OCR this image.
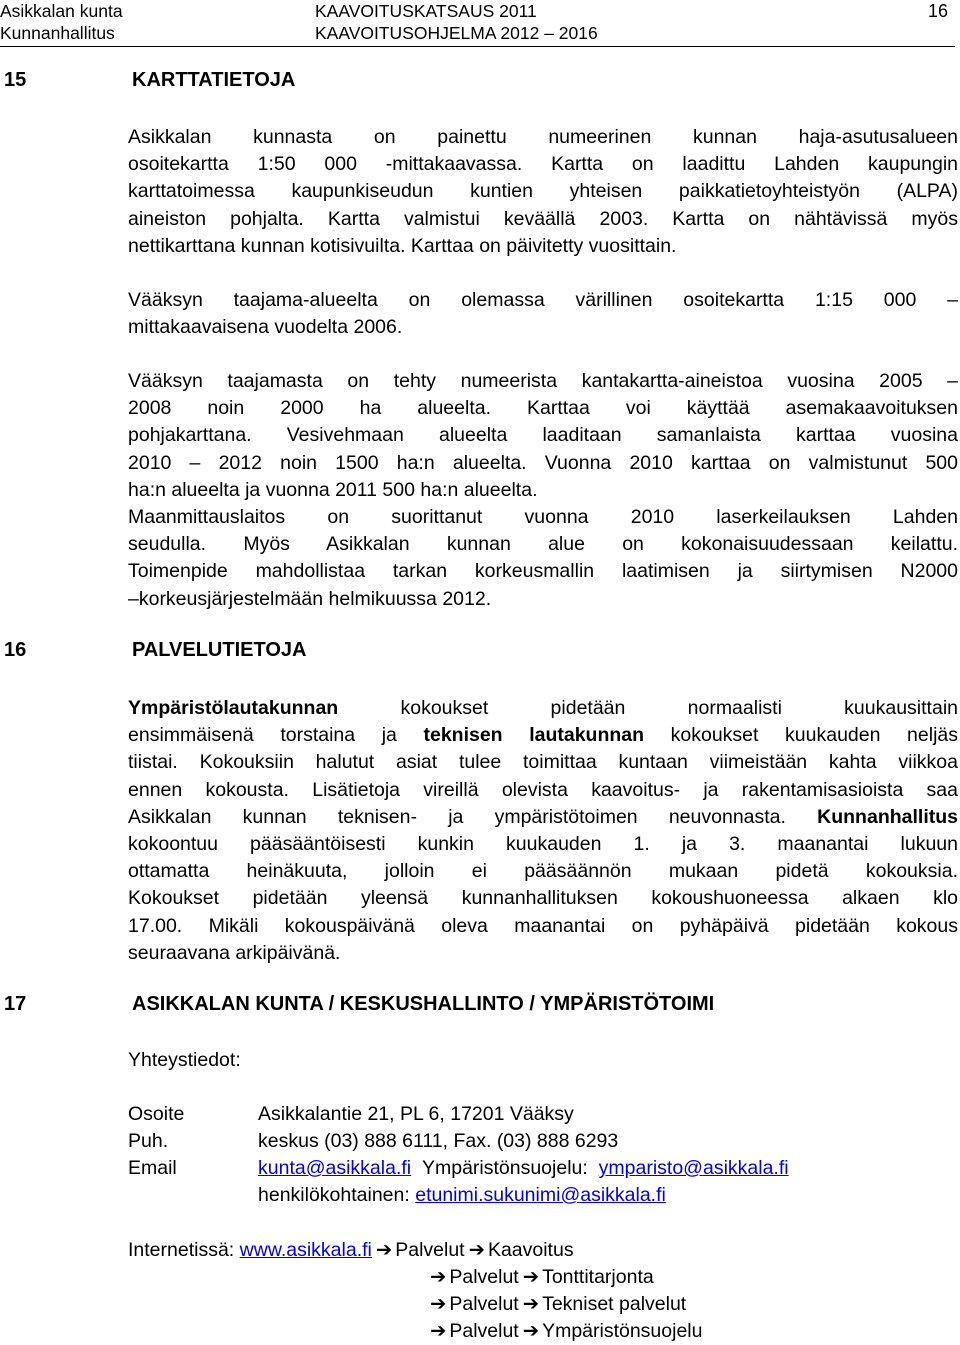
Asikkalan kunta
Kunnanhallitus
KAAVOITUSKATSAUS 2011
KAAVOITUSOHJELMA 2012 – 2016
16
15	KARTTATIETOJA
Asikkalan kunnasta on painettu numeerinen kunnan haja-asutusalueen
osoitekartta 1:50 000 -mittakaavassa. Kartta on laadittu Lahden kaupungin
karttatoimessa kaupunkiseudun kuntien yhteisen paikkatietoyhteistyön (ALPA)
aineiston pohjalta. Kartta valmistui keväällä 2003. Kartta on nähtävissä myös
nettikarttana kunnan kotisivuilta. Karttaa on päivitetty vuosittain.
Vääksyn taajama-alueelta on olemassa värillinen osoitekartta 1:15 000 –
mittakaavaisena vuodelta 2006.
Vääksyn taajamasta on tehty numeerista kantakartta-aineistoa vuosina 2005 –
2008 noin 2000 ha alueelta. Karttaa voi käyttää asemakaavoituksen
pohjakarttana. Vesivehmaan alueelta laaditaan samanlaista karttaa vuosina
2010 – 2012 noin 1500 ha:n alueelta. Vuonna 2010 karttaa on valmistunut 500
ha:n alueelta ja vuonna 2011 500 ha:n alueelta.
Maanmittauslaitos on suorittanut vuonna 2010 laserkeilauksen Lahden
seudulla. Myös Asikkalan kunnan alue on kokonaisuudessaan keilattu.
Toimenpide mahdollistaa tarkan korkeusmallin laatimisen ja siirtymisen N2000
–korkeusjärjestelmään helmikuussa 2012.
16	PALVELUTIETOJA
Ympäristölautakunnan kokoukset pidetään normaalisti kuukausittain
ensimmäisenä torstaina ja teknisen lautakunnan kokoukset kuukauden neljäs
tiistai. Kokouksiin halutut asiat tulee toimittaa kuntaan viimeistään kahta viikkoa
ennen kokousta. Lisätietoja vireillä olevista kaavoitus- ja rakentamisasioista saa
Asikkalan kunnan teknisen- ja ympäristötoimen neuvonnasta. Kunnanhallitus
kokoontuu pääsääntöisesti kunkin kuukauden 1. ja 3. maanantai lukuun
ottamatta heinäkuuta, jolloin ei pääsäännön mukaan pidetä kokouksia.
Kokoukset pidetään yleensä kunnanhallituksen kokoushuoneessa alkaen klo
17.00. Mikäli kokouspäivänä oleva maanantai on pyhäpäivä pidetään kokous
seuraavana arkipäivänä.
17	ASIKKALAN KUNTA / KESKUSHALLINTO / YMPÄRISTÖTOIMI
Yhteystiedot:
Osoite	Asikkalantie 21, PL 6, 17201 Vääksy
Puh.	keskus (03) 888 6111, Fax. (03) 888 6293
Email	kunta@asikkala.fi Ympäristönsuojelu: ymparisto@asikkala.fi
henkilökohtainen: etunimi.sukunimi@asikkala.fi
Internetissä: www.asikkala.fi ➔ Palvelut ➔ Kaavoitus
➔ Palvelut ➔ Tonttitarjonta
➔ Palvelut ➔ Tekniset palvelut
➔ Palvelut ➔ Ympäristönsuojelu
